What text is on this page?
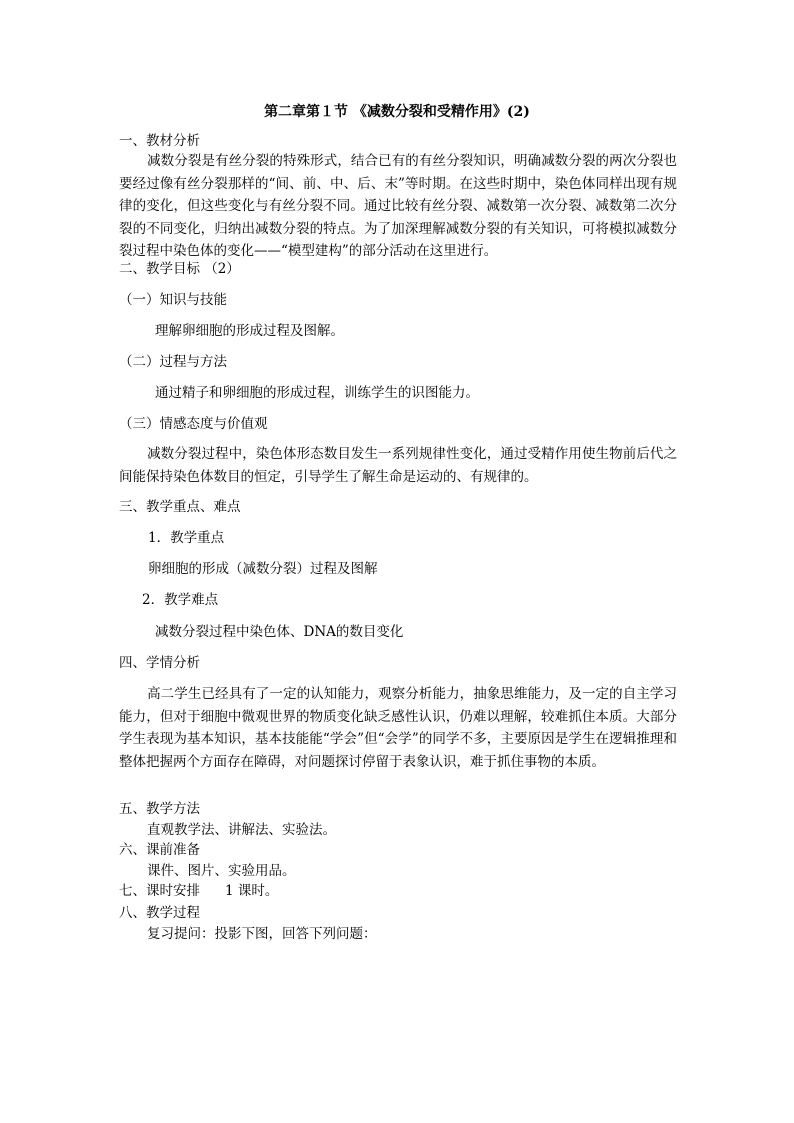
第二章第１节 《减数分裂和受精作用》(2)
一、教材分析
减数分裂是有丝分裂的特殊形式，结合已有的有丝分裂知识，明确减数分裂的两次分裂也要经过像有丝分裂那样的“间、前、中、后、末”等时期。在这些时期中，染色体同样出现有规律的变化，但这些变化与有丝分裂不同。通过比较有丝分裂、减数第一次分裂、减数第二次分裂的不同变化，归纳出减数分裂的特点。为了加深理解减数分裂的有关知识，可将模拟减数分裂过程中染色体的变化——“模型建构”的部分活动在这里进行。
二、教学目标 （2）
（一）知识与技能
理解卵细胞的形成过程及图解。
（二）过程与方法
通过精子和卵细胞的形成过程，训练学生的识图能力。
（三）情感态度与价值观
减数分裂过程中，染色体形态数目发生一系列规律性变化，通过受精作用使生物前后代之间能保持染色体数目的恒定，引导学生了解生命是运动的、有规律的。
三、教学重点、难点
1．教学重点
卵细胞的形成（减数分裂）过程及图解
2．教学难点
减数分裂过程中染色体、DNA的数目变化
四、学情分析
高二学生已经具有了一定的认知能力，观察分析能力，抽象思维能力，及一定的自主学习能力，但对于细胞中微观世界的物质变化缺乏感性认识，仍难以理解，较难抓住本质。大部分学生表现为基本知识，基本技能能“学会”但“会学”的同学不多，主要原因是学生在逻辑推理和整体把握两个方面存在障碍，对问题探讨停留于表象认识，难于抓住事物的本质。
五、教学方法
直观教学法、讲解法、实验法。
六、课前准备
课件、图片、实验用品。
七、课时安排 1 课时。
八、教学过程
复习提问：投影下图，回答下列问题：
